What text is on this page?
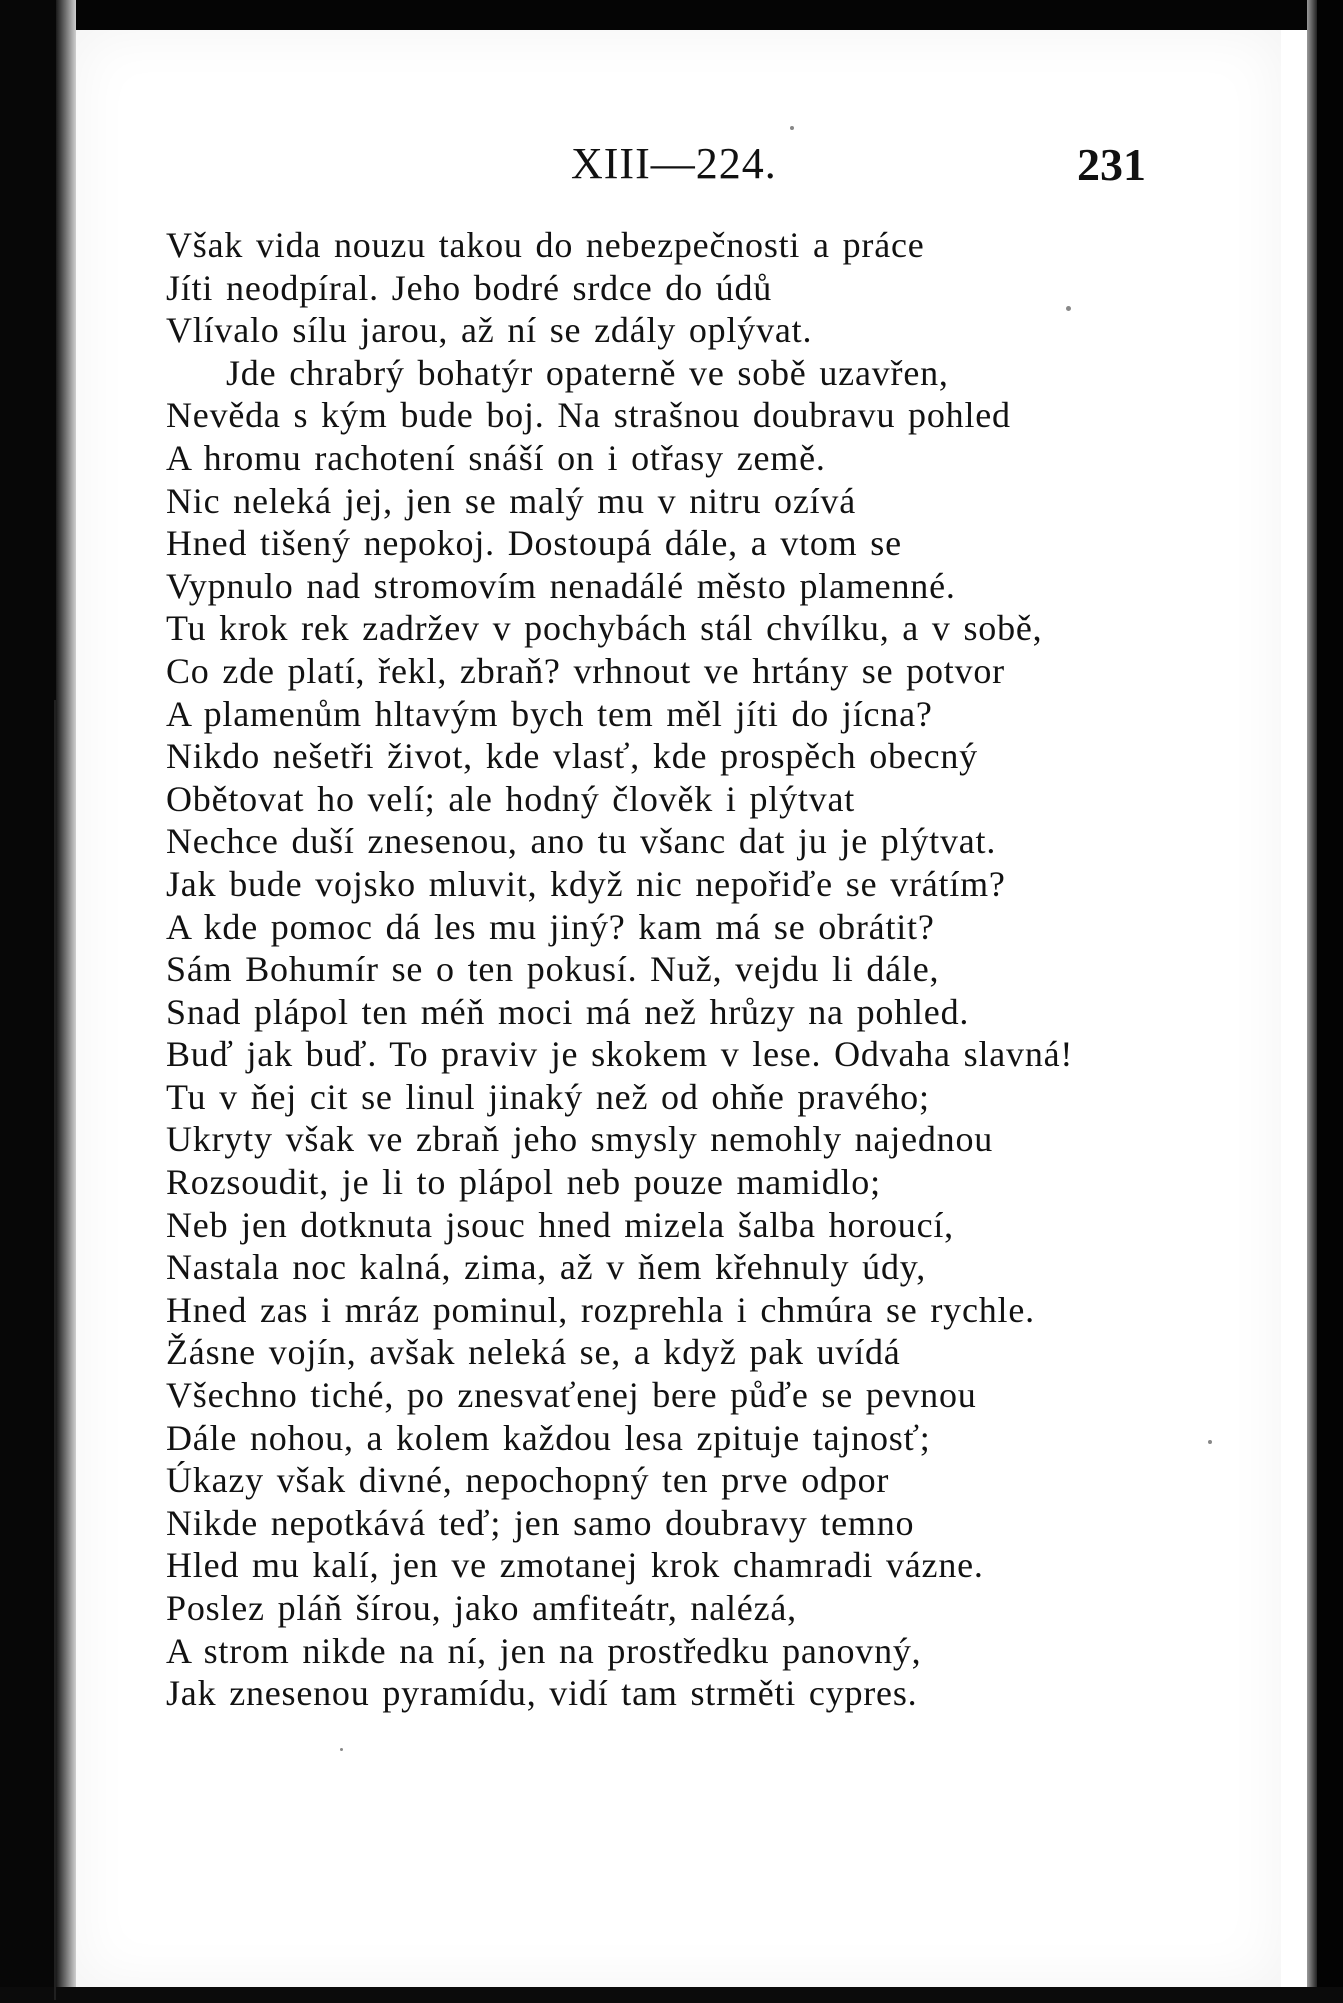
XIII—224.	231
Však vida nouzu takou do nebezpečnosti a práce
Jíti neodpíral. Jeho bodré srdce do údů
Vlívalo sílu jarou, až ní se zdály oplývat.
Jde chrabrý bohatýr opaterně ve sobě uzavřen,
Nevěda s kým bude boj. Na strašnou doubravu pohled
A hromu rachotení snáší on i otřasy země.
Nic neleká jej, jen se malý mu v nitru ozívá
Hned tišený nepokoj. Dostoupá dále, a vtom se
Vypnulo nad stromovím nenadálé město plamenné.
Tu krok rek zadržev v pochybách stál chvílku, a v sobě,
Co zde platí, řekl, zbraň? vrhnout ve hrtány se potvor
A plamenům hltavým bych tem měl jíti do jícna?
Nikdo nešetři život, kde vlasť, kde prospěch obecný
Obětovat ho velí; ale hodný člověk i plýtvat
Nechce duší znesenou, ano tu všanc dat ju je plýtvat.
Jak bude vojsko mluvit, když nic nepořiďe se vrátím?
A kde pomoc dá les mu jiný? kam má se obrátit?
Sám Bohumír se o ten pokusí. Nuž, vejdu li dále,
Snad plápol ten méň moci má než hrůzy na pohled.
Buď jak buď. To praviv je skokem v lese. Odvaha slavná!
Tu v ňej cit se linul jinaký než od ohňe pravého;
Ukryty však ve zbraň jeho smysly nemohly najednou
Rozsoudit, je li to plápol neb pouze mamidlo;
Neb jen dotknuta jsouc hned mizela šalba horoucí,
Nastala noc kalná, zima, až v ňem křehnuly údy,
Hned zas i mráz pominul, rozprehla i chmúra se rychle.
Žásne vojín, avšak neleká se, a když pak uvídá
Všechno tiché, po znesvaťenej bere půďe se pevnou
Dále nohou, a kolem každou lesa zpituje tajnosť;
Úkazy však divné, nepochopný ten prve odpor
Nikde nepotkává teď; jen samo doubravy temno
Hled mu kalí, jen ve zmotanej krok chamradi vázne.
Poslez pláň šírou, jako amfiteátr, nalézá,
A strom nikde na ní, jen na prostředku panovný,
Jak znesenou pyramídu, vidí tam strměti cypres.
